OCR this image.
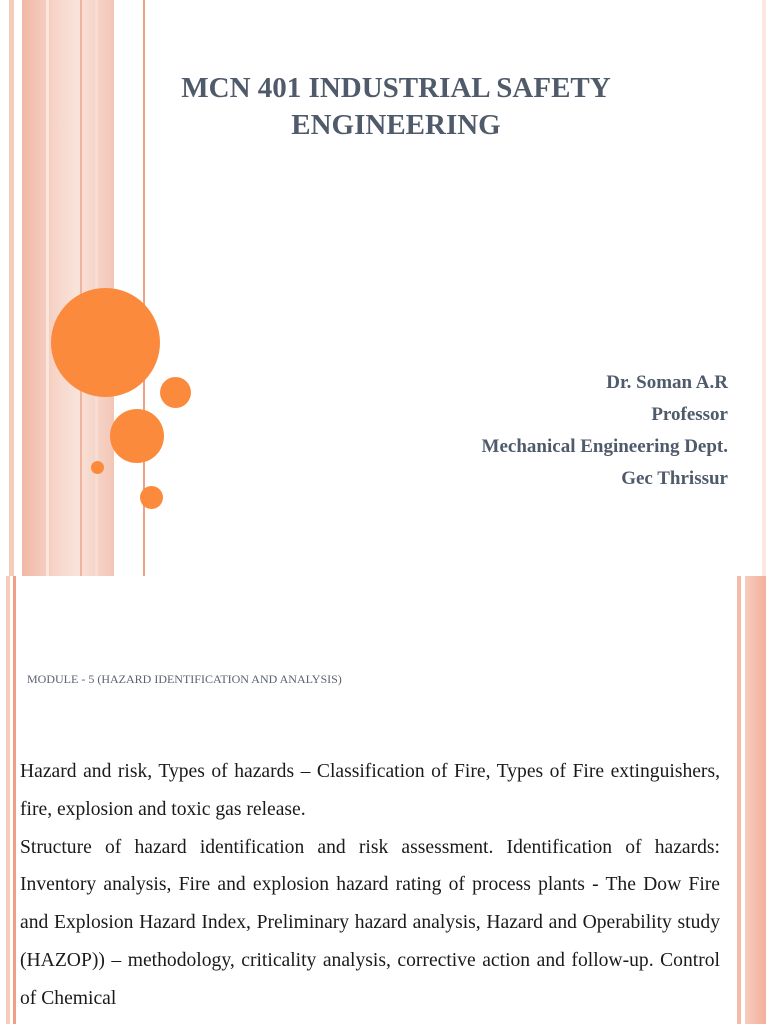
MCN 401 INDUSTRIAL SAFETY
ENGINEERING
Dr. Soman A.R
Professor
Mechanical Engineering Dept.
Gec Thrissur
MODULE - 5 (HAZARD IDENTIFICATION AND ANALYSIS)

Hazard and risk, Types of hazards – Classification of Fire, Types of Fire extinguishers, fire, explosion and toxic gas release.

Structure of hazard identification and risk assessment. Identification of hazards: Inventory analysis, Fire and explosion hazard rating of process plants - The Dow Fire and Explosion Hazard Index, Preliminary hazard analysis, Hazard and Operability study (HAZOP)) – methodology, criticality analysis, corrective action and follow-up. Control of Chemical
